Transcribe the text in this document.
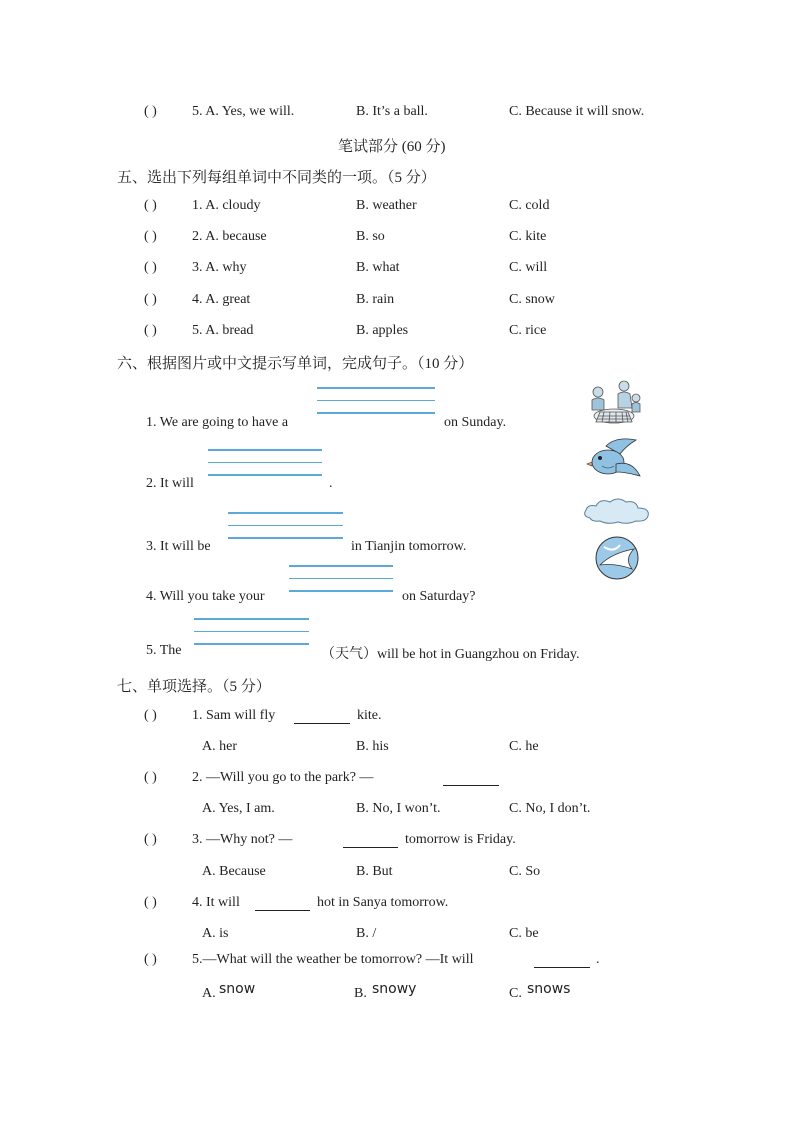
( )	5. A. Yes, we will.	B. It’s a ball.	C. Because it will snow.
笔试部分 (60 分)
五、选出下列每组单词中不同类的一项。（5 分）
( )	1. A. cloudy	B. weather	C. cold
( )	2. A. because	B. so	C. kite
( )	3. A. why	B. what	C. will
( )	4. A. great	B. rain	C. snow
( )	5. A. bread	B. apples	C. rice
六、根据图片或中文提示写单词，完成句子。（10 分）
1. We are going to have a	on Sunday.
2. It will	.
3. It will be	in Tianjin tomorrow.
4. Will you take your	on Saturday?
5. The	（天气）will be hot in Guangzhou on Friday.
七、单项选择。（5 分）
( )	1. Sam will fly	kite.
A. her	B. his	C. he
( )	2. —Will you go to the park? —
A. Yes, I am.	B. No, I won’t.	C. No, I don’t.
( )	3. —Why not? —	tomorrow is Friday.
A. Because	B. But	C. So
( )	4. It will	hot in Sanya tomorrow.
A. is	B. /	C. be
( )	5.—What will the weather be tomorrow? —It will	.
A. snow	B. snowy	C. snows
